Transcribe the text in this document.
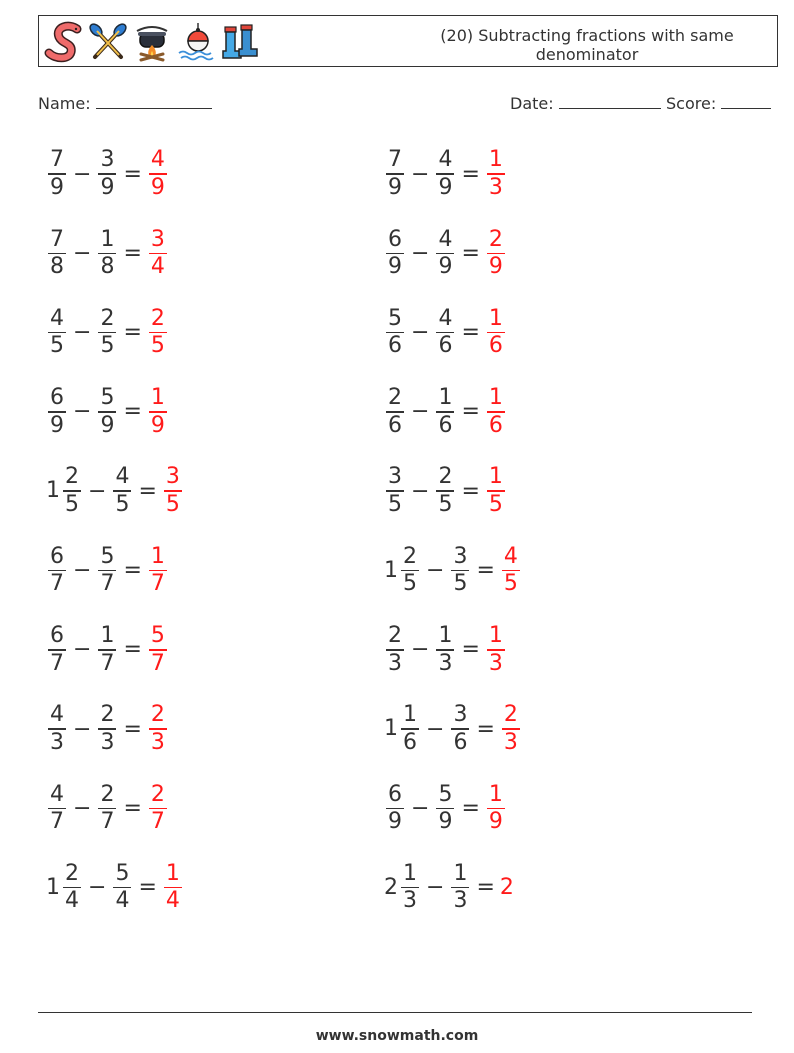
(20) Subtracting fractions with same denominator
Name:	Date:	Score:
$\frac{7}{9} - \frac{3}{9} = \frac{4}{9}$
$\frac{7}{8} - \frac{1}{8} = \frac{3}{4}$
$\frac{4}{5} - \frac{2}{5} = \frac{2}{5}$
$\frac{6}{9} - \frac{5}{9} = \frac{1}{9}$
$1 \frac{2}{5} - \frac{4}{5} = \frac{3}{5}$
$\frac{6}{7} - \frac{5}{7} = \frac{1}{7}$
$\frac{6}{7} - \frac{1}{7} = \frac{5}{7}$
$\frac{4}{3} - \frac{2}{3} = \frac{2}{3}$
$\frac{4}{7} - \frac{2}{7} = \frac{2}{7}$
$1 \frac{2}{4} - \frac{5}{4} = \frac{1}{4}$
$\frac{7}{9} - \frac{4}{9} = \frac{1}{3}$
$\frac{6}{9} - \frac{4}{9} = \frac{2}{9}$
$\frac{5}{6} - \frac{4}{6} = \frac{1}{6}$
$\frac{2}{6} - \frac{1}{6} = \frac{1}{6}$
$\frac{3}{5} - \frac{2}{5} = \frac{1}{5}$
$1 \frac{2}{5} - \frac{3}{5} = \frac{4}{5}$
$\frac{2}{3} - \frac{1}{3} = \frac{1}{3}$
$1 \frac{1}{6} - \frac{3}{6} = \frac{2}{3}$
$\frac{6}{9} - \frac{5}{9} = \frac{1}{9}$
$2 \frac{1}{3} - \frac{1}{3} = 2$
www.snowmath.com
